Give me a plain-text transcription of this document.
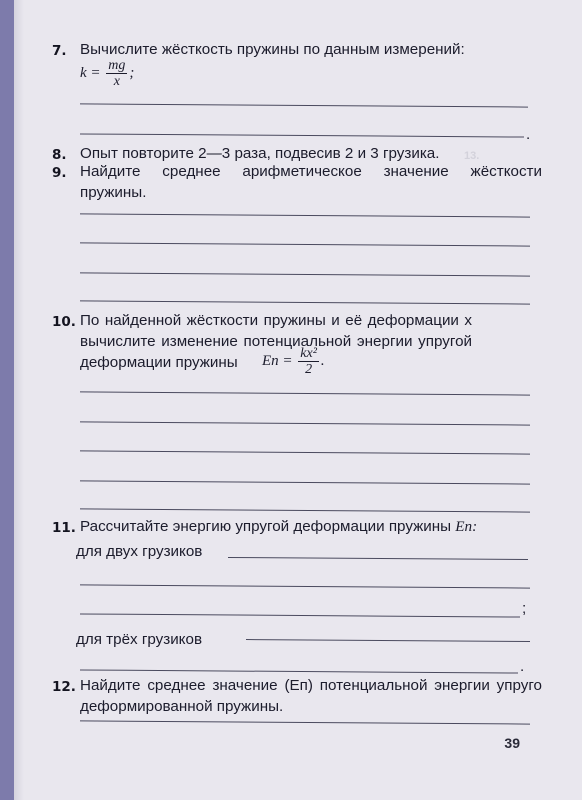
13.
7. Вычислите жёсткость пружины по данным измерений:
$k = \frac{mg}{x}$ ;
.
8. Опыт повторите 2—3 раза, подвесив 2 и 3 грузика.
9. Найдите среднее арифметическое значение жёсткости пружины.
10. По найденной жёсткости пружины и её деформации x вычислите изменение потенциальной энергии упругой деформации пружины	Eп = $\frac{\text{kx²}}{2}$ .
11. Рассчитайте энергию упругой деформации пружины Eп:
для двух грузиков
;
для трёх грузиков
.
12. Найдите среднее значение (Eп) потенциальной энергии упруго деформированной пружины.
39
